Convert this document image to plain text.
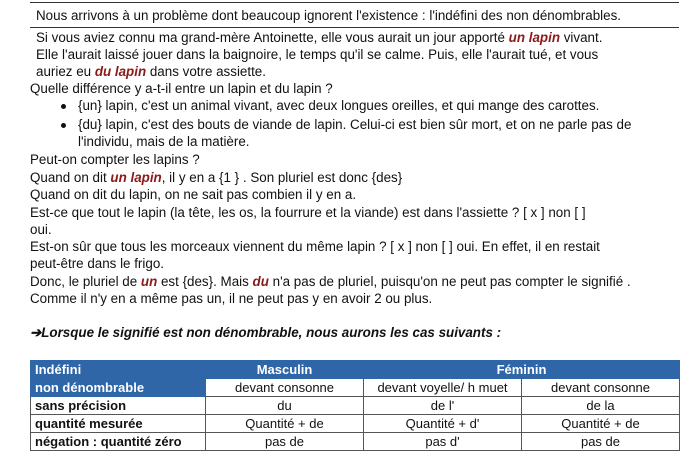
Nous arrivons à un problème dont beaucoup ignorent l'existence : l'indéfini des non dénombrables.
Si vous aviez connu ma grand-mère Antoinette, elle vous aurait un jour apporté un lapin vivant.
Elle l'aurait laissé jouer dans la baignoire, le temps qu'il se calme. Puis, elle l'aurait tué, et vous
auriez eu du lapin dans votre assiette.
Quelle différence y a-t-il entre un lapin et du lapin ?
{un} lapin, c'est un animal vivant, avec deux longues oreilles, et qui mange des carottes.
{du} lapin, c'est des bouts de viande de lapin. Celui-ci est bien sûr mort, et on ne parle pas de
l'individu, mais de la matière.
Peut-on compter les lapins ?
Quand on dit un lapin, il y en a {1 } . Son pluriel est donc {des}
Quand on dit du lapin, on ne sait pas combien il y en a.
Est-ce que tout le lapin (la tête, les os, la fourrure et la viande) est dans l'assiette ? [ x ] non [ ]
oui.
Est-on sûr que tous les morceaux viennent du même lapin ? [ x ] non [ ] oui. En effet, il en restait
peut-être dans le frigo.
Donc, le pluriel de un est {des}. Mais du n'a pas de pluriel, puisqu'on ne peut pas compter le signifié .
Comme il n'y en a même pas un, il ne peut pas y en avoir 2 ou plus.
➔Lorsque le signifié est non dénombrable, nous aurons les cas suivants :
Indéfini	Masculin	Féminin	
non dénombrable	devant consonne	devant voyelle/ h muet	devant consonne
sans précision	du	de l'	de la
quantité mesurée	Quantité + de	Quantité + d'	Quantité + de
négation : quantité zéro	pas de	pas d'	pas de
